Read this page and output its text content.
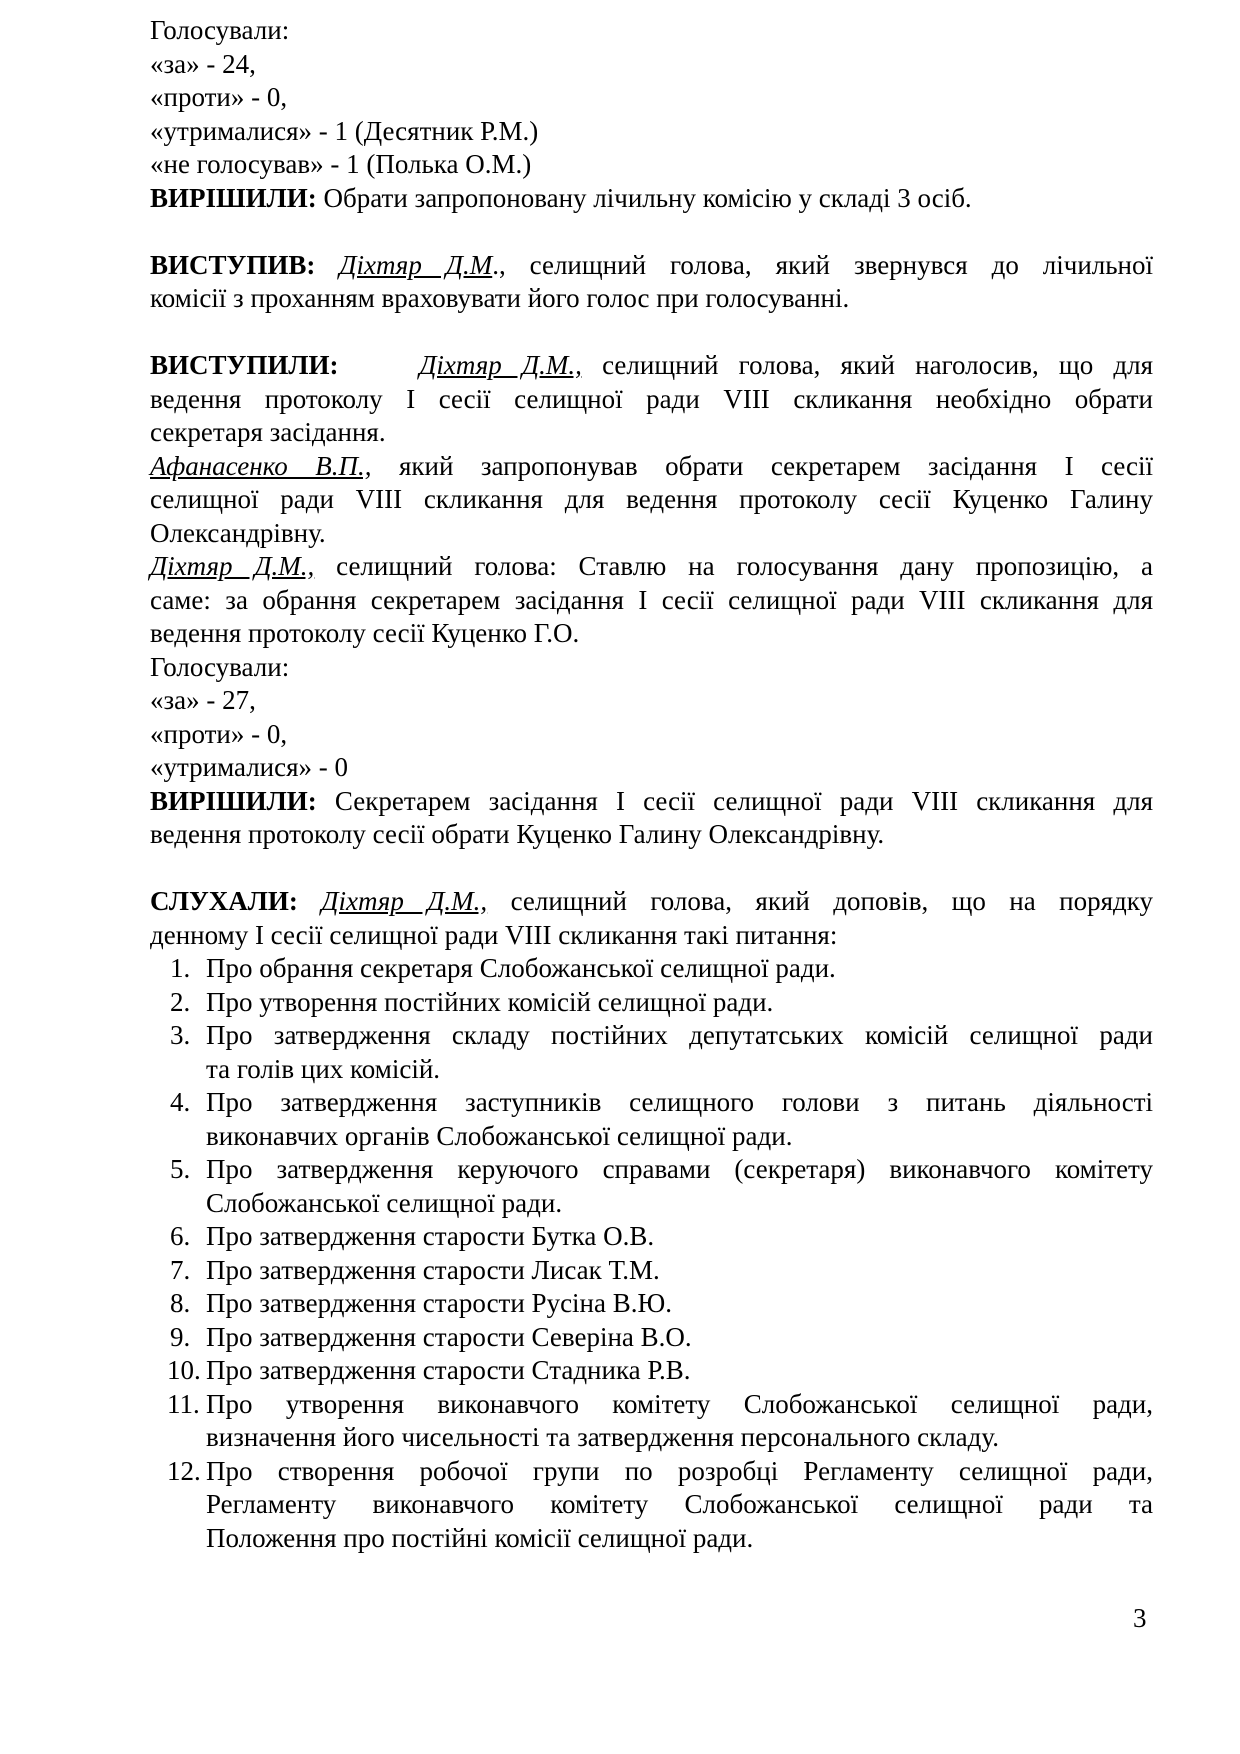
Голосували:
«за» - 24,
«проти» - 0,
«утрималися» - 1 (Десятник Р.М.)
«не голосував» - 1 (Полька О.М.)
ВИРІШИЛИ: Обрати запропоновану лічильну комісію у складі 3 осіб.
ВИСТУПИВ: Діхтяр Д.М., селищний голова, який звернувся до лічильної
комісії з проханням враховувати його голос при голосуванні.
ВИСТУПИЛИ:	Діхтяр Д.М., селищний голова, який наголосив, що для
ведення протоколу І сесії селищної ради VIII скликання необхідно обрати
секретаря засідання.
Афанасенко В.П., який запропонував обрати секретарем засідання І сесії
селищної ради VIII скликання для ведення протоколу сесії Куценко Галину
Олександрівну.
Діхтяр Д.М., селищний голова: Ставлю на голосування дану пропозицію, а
саме: за обрання секретарем засідання І сесії селищної ради VIII скликання для
ведення протоколу сесії Куценко Г.О.
Голосували:
«за» - 27,
«проти» - 0,
«утрималися» - 0
ВИРІШИЛИ: Секретарем засідання І сесії селищної ради VIII скликання для
ведення протоколу сесії обрати Куценко Галину Олександрівну.
СЛУХАЛИ: Діхтяр Д.М., селищний голова, який доповів, що на порядку
денному І сесії селищної ради VIII скликання такі питання:
1. Про обрання секретаря Слобожанської селищної ради.
2. Про утворення постійних комісій селищної ради.
3. Про затвердження складу постійних депутатських комісій селищної ради
та голів цих комісій.
4. Про затвердження заступників селищного голови з питань діяльності
виконавчих органів Слобожанської селищної ради.
5. Про затвердження керуючого справами (секретаря) виконавчого комітету
Слобожанської селищної ради.
6. Про затвердження старости Бутка О.В.
7. Про затвердження старости Лисак Т.М.
8. Про затвердження старости Русіна В.Ю.
9. Про затвердження старости Северіна В.О.
10. Про затвердження старости Стадника Р.В.
11. Про утворення виконавчого комітету Слобожанської селищної ради,
визначення його чисельності та затвердження персонального складу.
12. Про створення робочої групи по розробці Регламенту селищної ради,
Регламенту виконавчого комітету Слобожанської селищної ради та
Положення про постійні комісії селищної ради.
3
